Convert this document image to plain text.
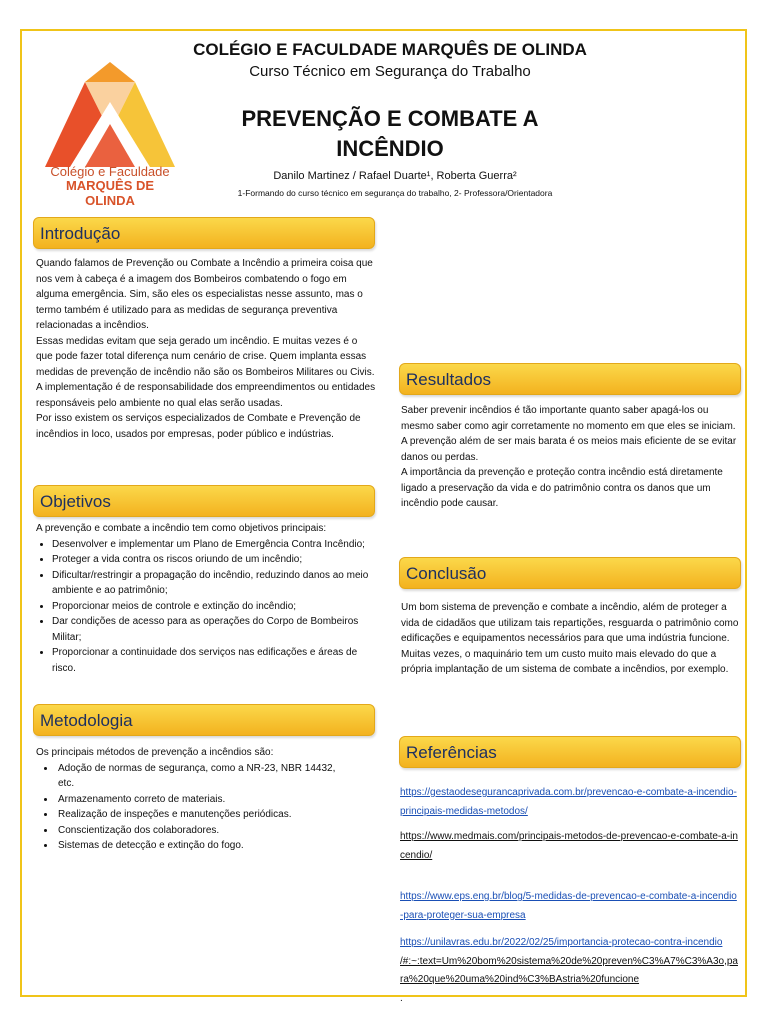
Colégio e Faculdade
MARQUÊS DE OLINDA
COLÉGIO E FACULDADE MARQUÊS DE OLINDA
Curso Técnico em Segurança do Trabalho
PREVENÇÃO E COMBATE A
INCÊNDIO
Danilo Martinez / Rafael Duarte¹, Roberta Guerra²
1-Formando do curso técnico em segurança do trabalho, 2- Professora/Orientadora
Introdução

Quando falamos de Prevenção ou Combate a Incêndio a primeira coisa que nos vem à cabeça é a imagem dos Bombeiros combatendo o fogo em alguma emergência. Sim, são eles os especialistas nesse assunto, mas o termo também é utilizado para as medidas de segurança preventiva relacionadas a incêndios.

Essas medidas evitam que seja gerado um incêndio. E muitas vezes é o que pode fazer total diferença num cenário de crise. Quem implanta essas medidas de prevenção de incêndio não são os Bombeiros Militares ou Civis.

A implementação é de responsabilidade dos empreendimentos ou entidades responsáveis pelo ambiente no qual elas serão usadas.

Por isso existem os serviços especializados de Combate e Prevenção de incêndios in loco, usados por empresas, poder público e indústrias.

Objetivos

A prevenção e combate a incêndio tem como objetivos principais:

• Desenvolver e implementar um Plano de Emergência Contra Incêndio;
• Proteger a vida contra os riscos oriundo de um incêndio;
• Dificultar/restringir a propagação do incêndio, reduzindo danos ao meio ambiente e ao patrimônio;
• Proporcionar meios de controle e extinção do incêndio;
• Dar condições de acesso para as operações do Corpo de Bombeiros Militar;
• Proporcionar a continuidade dos serviços nas edificações e áreas de risco.
Metodologia

Os principais métodos de prevenção a incêndios são:

• Adoção de normas de segurança, como a NR-23, NBR 14432, etc.
• Armazenamento correto de materiais.
• Realização de inspeções e manutenções periódicas.
• Conscientização dos colaboradores.
• Sistemas de detecção e extinção do fogo.
Resultados

Saber prevenir incêndios é tão importante quanto saber apagá-los ou mesmo saber como agir corretamente no momento em que eles se iniciam.

A prevenção além de ser mais barata é os meios mais eficiente de se evitar danos ou perdas.

A importância da prevenção e proteção contra incêndio está diretamente ligado a preservação da vida e do patrimônio contra os danos que um incêndio pode causar.

Conclusão

Um bom sistema de prevenção e combate a incêndio, além de proteger a vida de cidadãos que utilizam tais repartições, resguarda o patrimônio como edificações e equipamentos necessários para que uma indústria funcione. Muitas vezes, o maquinário tem um custo muito mais elevado do que a própria implantação de um sistema de combate a incêndios, por exemplo.

Referências
https://gestaodesegurancaprivada.com.br/prevencao-e-combate-a-incendio-principais-medidas-metodos/
https://www.medmais.com/principais-metodos-de-prevencao-e-combate-a-incendio/
https://www.eps.eng.br/blog/5-medidas-de-prevencao-e-combate-a-incendio-para-proteger-sua-empresa
https://unilavras.edu.br/2022/02/25/importancia-protecao-contra-incendio
/#:~:text=Um%20bom%20sistema%20de%20preven%C3%A7%C3%A3o,para%20que%20uma%20ind%C3%BAstria%20funcione
.
